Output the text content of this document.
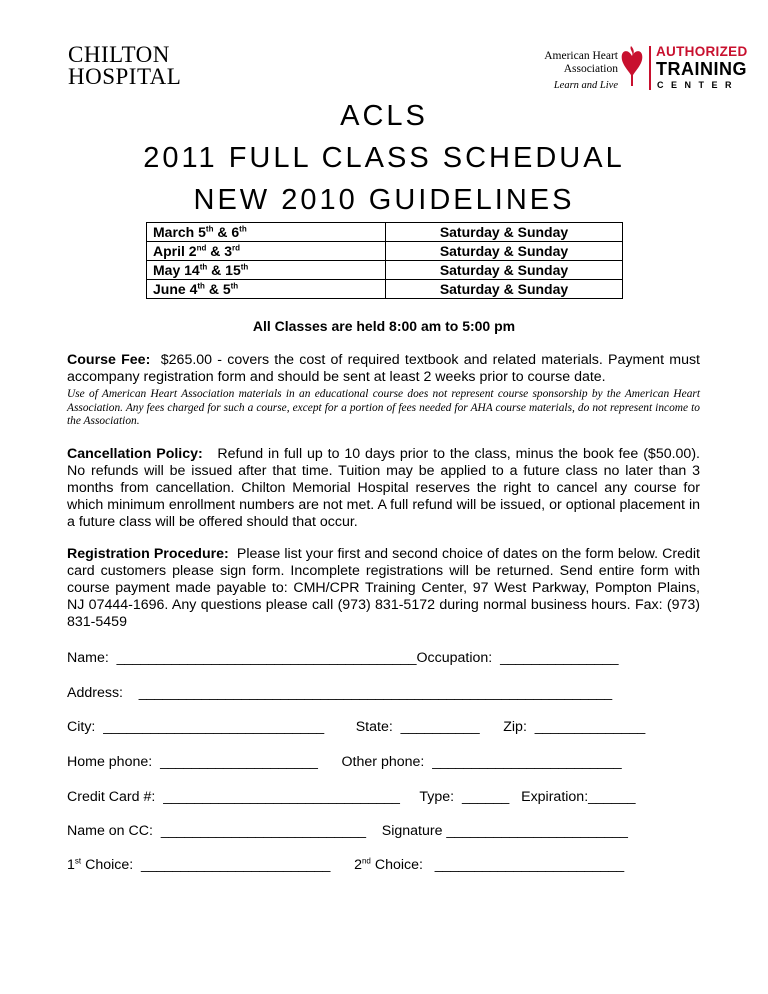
CHILTON
HOSPITAL
American Heart
Association
Learn and Live
AUTHORIZED
TRAINING
CENTER
ACLS
2011 FULL CLASS SCHEDUAL
NEW 2010 GUIDELINES
March 5th & 6th	Saturday & Sunday
April 2nd & 3rd	Saturday & Sunday
May 14th & 15th	Saturday & Sunday
June 4th & 5th	Saturday & Sunday
All Classes are held 8:00 am to 5:00 pm
Course Fee: $265.00 - covers the cost of required textbook and related materials. Payment must accompany registration form and should be sent at least 2 weeks prior to course date.
Use of American Heart Association materials in an educational course does not represent course sponsorship by the American Heart Association. Any fees charged for such a course, except for a portion of fees needed for AHA course materials, do not represent income to the Association.
Cancellation Policy: Refund in full up to 10 days prior to the class, minus the book fee ($50.00). No refunds will be issued after that time. Tuition may be applied to a future class no later than 3 months from cancellation. Chilton Memorial Hospital reserves the right to cancel any course for which minimum enrollment numbers are not met. A full refund will be issued, or optional placement in a future class will be offered should that occur.
Registration Procedure: Please list your first and second choice of dates on the form below. Credit card customers please sign form. Incomplete registrations will be returned. Send entire form with course payment made payable to: CMH/CPR Training Center, 97 West Parkway, Pompton Plains, NJ 07444-1696. Any questions please call (973) 831-5172 during normal business hours. Fax: (973) 831-5459
Name:  ______________________________________Occupation:  _______________
Address:    ____________________________________________________________
City:  ____________________________        State:  __________      Zip:  ______________
Home phone:  ____________________      Other phone:  ________________________
Credit Card #:  ______________________________     Type:  ______   Expiration:______
Name on CC:  __________________________    Signature _______________________
1st Choice:  ________________________ 2nd Choice:   ________________________
